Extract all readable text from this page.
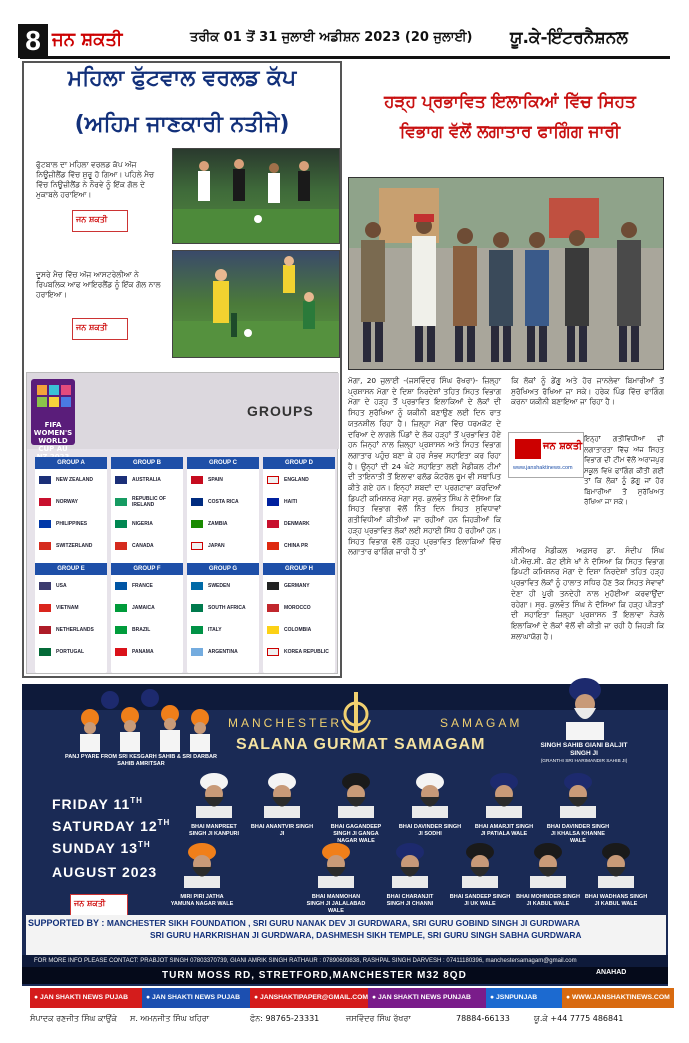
8 ਜਨ ਸ਼ਕਤੀ	ਤਰੀਕ 01 ਤੋਂ 31 ਜੁਲਾਈ ਅਡੀਸ਼ਨ 2023 (20 ਜੁਲਾਈ) ਯੂ.ਕੇ-ਇੰਟਰਨੈਸ਼ਨਲ
ਮਹਿਲਾ ਫੁੱਟਵਾਲ ਵਰਲਡ ਕੱਪ
(ਅਹਿਮ ਜਾਣਕਾਰੀ ਨਤੀਜੇ)
ਫੁੱਟਬਾਲ ਦਾ ਮਹਿਲਾ ਵਰਲਡ ਕੱਪ ਅੱਜ ਨਿਊਜ਼ੀਲੈਂਡ ਵਿੱਚ ਸ਼ੁਰੂ ਹੋ ਗਿਆ। ਪਹਿਲੇ ਮੈਚ ਵਿੱਚ ਨਿਊਜ਼ੀਲੈਂਡ ਨੇ ਨੌਰਵੇ ਨੂੰ ਇੱਕ ਗੋਲ ਦੇ ਮੁਕਾਬਲੇ ਹਰਾਇਆ।
ਜਨ ਸ਼ਕਤੀ
ਦੂਸਰੇ ਮੈਚ ਵਿੱਚ ਅੱਜ ਆਸਟਰੇਲੀਆ ਨੇ ਰਿਪਬਲਿਕ ਆਫ ਆਇਰਲੈਂਡ ਨੂੰ ਇੱਕ ਗੋਲ ਨਾਲ ਹਰਾਇਆ।
ਜਨ ਸ਼ਕਤੀ
FIFA WOMEN'S WORLD CUP AU
GROUPS
GROUP A
NEW ZEALAND
NORWAY
PHILIPPINES
SWITZERLAND
GROUP B
AUSTRALIA
REPUBLIC OF IRELAND
NIGERIA
CANADA
GROUP C
SPAIN
COSTA RICA
ZAMBIA
JAPAN
GROUP D
ENGLAND
HAITI
DENMARK
CHINA PR
GROUP E
USA
VIETNAM
NETHERLANDS
PORTUGAL
GROUP F
FRANCE
JAMAICA
BRAZIL
PANAMA
GROUP G
SWEDEN
SOUTH AFRICA
ITALY
ARGENTINA
GROUP H
GERMANY
MOROCCO
COLOMBIA
KOREA REPUBLIC
ਹੜ੍ਹ ਪ੍ਰਭਾਵਿਤ ਇਲਾਕਿਆਂ ਵਿੱਚ ਸਿਹਤ
ਵਿਭਾਗ ਵੱਲੋਂ ਲਗਾਤਾਰ ਫਾਗਿੰਗ ਜਾਰੀ
ਮੋਗਾ, 20 ਜੁਲਾਈ -(ਜਸਵਿੰਦਰ ਸਿੰਘ ਰੱਖਰਾ)- ਜ਼ਿਲ੍ਹਾ ਪ੍ਰਸ਼ਾਸਨ ਮੋਗਾ ਦੇ ਦਿਸ਼ਾ ਨਿਰਦੇਸ਼ਾਂ ਤਹਿਤ ਸਿਹਤ ਵਿਭਾਗ ਮੋਗਾ ਦੇ ਹੜ੍ਹ ਤੋਂ ਪ੍ਰਭਾਵਿਤ ਇਲਾਕਿਆਂ ਦੇ ਲੋਕਾਂ ਦੀ ਸਿਹਤ ਸੁਰੱਖਿਆ ਨੂੰ ਯਕੀਨੀ ਬਣਾਉਣ ਲਈ ਦਿਨ ਰਾਤ ਯਤਨਸ਼ੀਲ ਰਿਹਾ ਹੈ। ਜ਼ਿਲ੍ਹਾ ਮੋਗਾ ਵਿੱਚ ਧਰਮਕੋਟ ਦੇ ਦਰਿਆ ਦੇ ਲਾਗਲੇ ਪਿੰਡਾਂ ਦੇ ਲੋਕ ਹੜ੍ਹਾਂ ਤੋਂ ਪ੍ਰਭਾਵਿਤ ਹੋਏ ਹਨ ਜਿਨ੍ਹਾਂ ਨਾਲ ਜ਼ਿਲ੍ਹਾ ਪ੍ਰਸ਼ਾਸਨ ਅਤੇ ਸਿਹਤ ਵਿਭਾਗ ਲਗਾਤਾਰ ਪਹੁੰਚ ਬਣਾ ਕੇ ਹਰ ਸੰਭਵ ਸਹਾਇਤਾ ਕਰ ਰਿਹਾ ਹੈ। ਉਨ੍ਹਾਂ ਦੀ 24 ਘੰਟੇ ਸਹਾਇਤਾ ਲਈ ਮੈਡੀਕਲ ਟੀਮਾਂ ਦੀ ਤਾਇਨਾਤੀ ਤੋਂ ਇਲਾਵਾ ਫਲੱਡ ਕੰਟਰੋਲ ਰੂਮ ਵੀ ਸਥਾਪਿਤ ਕੀਤੇ ਗਏ ਹਨ। ਇਨ੍ਹਾਂ ਸ਼ਬਦਾਂ ਦਾ ਪ੍ਰਗਟਾਵਾ ਕਰਦਿਆਂ ਡਿਪਟੀ ਕਮਿਸ਼ਨਰ ਮੋਗਾ ਸ੍ਰ. ਕੁਲਵੰਤ ਸਿੰਘ ਨੇ ਦੱਸਿਆ ਕਿ ਸਿਹਤ ਵਿਭਾਗ ਵੱਲੋਂ ਨਿੱਤ ਦਿਨ ਸਿਹਤ ਸੁਵਿਧਾਵਾਂ ਗਤੀਵਿਧੀਆਂ ਕੀਤੀਆਂ ਜਾ ਰਹੀਆਂ ਹਨ ਜਿਹੜੀਆਂ ਕਿ ਹੜ੍ਹ ਪ੍ਰਭਾਵਿਤ ਲੋਕਾਂ ਲਈ ਸਹਾਈ ਸਿੱਧ ਹੋ ਰਹੀਆਂ ਹਨ। ਸਿਹਤ ਵਿਭਾਗ ਵੱਲੋਂ ਹੜ੍ਹ ਪ੍ਰਭਾਵਿਤ ਇਲਾਕਿਆਂ ਵਿੱਚ ਲਗਾਤਾਰ ਫਾਗਿੰਗ ਜਾਰੀ ਹੈ ਤਾਂ
ਕਿ ਲੋਕਾਂ ਨੂੰ ਡੇਂਗੂ ਅਤੇ ਹੋਰ ਜਾਨਲੇਵਾ ਬਿਮਾਰੀਆਂ ਤੋਂ ਸੁਰੱਖਿਅਤ ਰੱਖਿਆ ਜਾ ਸਕੇ। ਹਰੇਕ ਪਿੰਡ ਵਿੱਚ ਫਾਗਿੰਗ ਕਰਨਾ ਯਕੀਨੀ ਬਣਾਇਆ ਜਾ ਰਿਹਾ ਹੈ।
ਇਨ੍ਹਾਂ ਗਤੀਵਿਧੀਆਂ ਦੀ ਲਗਾਤਾਰਤਾ ਵਿੱਚ ਅੱਜ ਸਿਹਤ ਵਿਭਾਗ ਦੀ ਟੀਮ ਵੱਲੋਂ ਅਰਾਜਪੁਰ ਸਕੂਲ ਵਿਖੇ ਫਾਗਿੰਗ ਕੀਤੀ ਗਈ ਤਾਂ ਕਿ ਲੋਕਾਂ ਨੂੰ ਡੇਂਗੂ ਜਾਂ ਹੋਰ ਬਿਮਾਰੀਆਂ ਤੋਂ ਸੁਰੱਖਿਅਤ ਰੱਖਿਆ ਜਾ ਸਕੇ।
ਸੀਨੀਅਰ ਮੈਡੀਕਲ ਅਫ਼ਸਰ ਡਾ. ਸੰਦੀਪ ਸਿੰਘ ਪੀ.ਐਚ.ਸੀ. ਕੋਟ ਈਸੇ ਖਾਂ ਨੇ ਦੱਸਿਆ ਕਿ ਸਿਹਤ ਵਿਭਾਗ ਡਿਪਟੀ ਕਮਿਸ਼ਨਰ ਮੋਗਾ ਦੇ ਦਿਸ਼ਾ ਨਿਰਦੇਸ਼ਾਂ ਤਹਿਤ ਹੜ੍ਹ ਪ੍ਰਭਾਵਿਤ ਲੋਕਾਂ ਨੂੰ ਹਾਲਾਤ ਸਧਿਰ ਹੋਣ ਤੱਕ ਸਿਹਤ ਸੇਵਾਵਾਂ ਦੇਣਾ ਹੀ ਪੂਰੀ ਤਨਦੇਹੀ ਨਾਲ ਮੁਹੱਈਆ ਕਰਵਾਉਂਦਾ ਰਹੇਗਾ। ਸ੍ਰ. ਕੁਲਵੰਤ ਸਿੰਘ ਨੇ ਦੱਸਿਆ ਕਿ ਹੜ੍ਹ ਪੀੜਤਾਂ ਦੀ ਸਹਾਇਤਾ ਜ਼ਿਲ੍ਹਾ ਪ੍ਰਸ਼ਾਸਨ ਤੋਂ ਇਲਾਵਾ ਨੇੜਲੇ ਇਲਾਕਿਆਂ ਦੇ ਲੋਕਾਂ ਵੱਲੋਂ ਵੀ ਕੀਤੀ ਜਾ ਰਹੀ ਹੈ ਜਿਹੜੀ ਕਿ ਸ਼ਲਾਘਾਯੋਗ ਹੈ।
ਜਨ ਸ਼ਕਤੀ
www.janshaktinews.com
MANCHESTER	SAMAGAM
SALANA GURMAT SAMAGAM
PANJ PYARE FROM SRI KESGARH SAHIB & SRI DARBAR SAHIB AMRITSAR
SINGH SAHIB GIANI BALJIT SINGH JI
(GRANTHI SRI HARIMANDIR SAHIB JI)
FRIDAY 11TH
SATURDAY 12TH
SUNDAY 13TH
AUGUST 2023
BHAI MANPREET SINGH JI KANPURI
BHAI ANANTVIR SINGH JI
BHAI GAGANDEEP SINGH JI GANGA NAGAR WALE
BHAI DAVINDER SINGH JI SODHI
BHAI AMARJIT SINGH JI PATIALA WALE
BHAI DAVINDER SINGH JI KHALSA KHANNE WALE
MIRI PIRI JATHA YAMUNA NAGAR WALE
BHAI MANMOHAN SINGH JI JALALABAD WALE
BHAI CHARANJIT SINGH JI CHANNI
BHAI SANDEEP SINGH JI UK WALE
BHAI MOHINDER SINGH JI KABUL WALE
BHAI WADHANS SINGH JI KABUL WALE
ਜਨ ਸ਼ਕਤੀ
SUPPORTED BY : MANCHESTER SIKH FOUNDATION , SRI GURU NANAK DEV JI GURDWARA, SRI GURU GOBIND SINGH JI GURDWARA
SRI GURU HARKRISHAN JI GURDWARA, DASHMESH SIKH TEMPLE, SRI GURU SINGH SABHA GURDWARA
FOR MORE INFO PLEASE CONTACT: PRABJOT SINGH 07803370739, GIANI AMRIK SINGH RATHAUR : 07890609838, RASHPAL SINGH DARVESH : 07411180396, manchestersamagam@gmail.com
TURN MOSS RD, STRETFORD,MANCHESTER M32 8QD	ANAHAD
● JAN SHAKTI NEWS PUJAB	● JAN SHAKTI NEWS PUJAB	● JANSHAKTIPAPER@GMAIL.COM ● JAN SHAKTI NEWS PUNJAB	● JSNPUNJAB	● WWW.JANSHAKTINEWS.COM
ਸੰਪਾਦਕ ਰਣਜੀਤ ਸਿੰਘ ਕਾਉਂਕੇ	ਸ. ਅਮਨਜੀਤ ਸਿੰਘ ਖਹਿਰਾ	ਫੋਨ: 98765-23331	ਜਸਵਿੰਦਰ ਸਿੰਘ ਰੱਖਰਾ	78884-66133	ਯੂ.ਕੇ +44 7775 486841
